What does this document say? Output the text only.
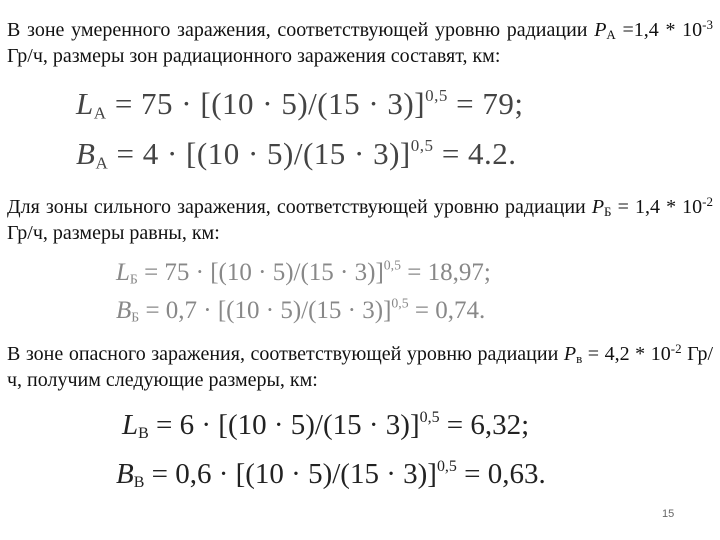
В зоне умеренного заражения, соответствующей уровню радиации $P_А =1,4 * 10^{-3}$ Гр/ч, размеры зон радиационного заражения составят, км:

$L_А = 75 \cdot [(10 \cdot 5)/(15 \cdot 3)]^{0,5} = 79$;
$B_А = 4 \cdot [(10 \cdot 5)/(15 \cdot 3)]^{0,5} = 4.2$.

Для зоны сильного заражения, соответствующей уровню радиации $P_Б = 1,4 * 10^{-2}$ Гр/ч, размеры равны, км:

$L_Б = 75 \cdot [(10 \cdot 5)/(15 \cdot 3)]^{0,5} = 18,97$;
$B_Б = 0,7 \cdot [(10 \cdot 5)/(15 \cdot 3)]^{0,5} = 0,74$.

В зоне опасного заражения, соответствующей уровню радиации $P_в = 4,2 * 10^{-2}$ Гр/ч, получим следующие размеры, км:

$L_В = 6 \cdot [(10 \cdot 5)/(15 \cdot 3)]^{0,5} = 6,32$;
$B_В = 0,6 \cdot [(10 \cdot 5)/(15 \cdot 3)]^{0,5} = 0,63$.
15
